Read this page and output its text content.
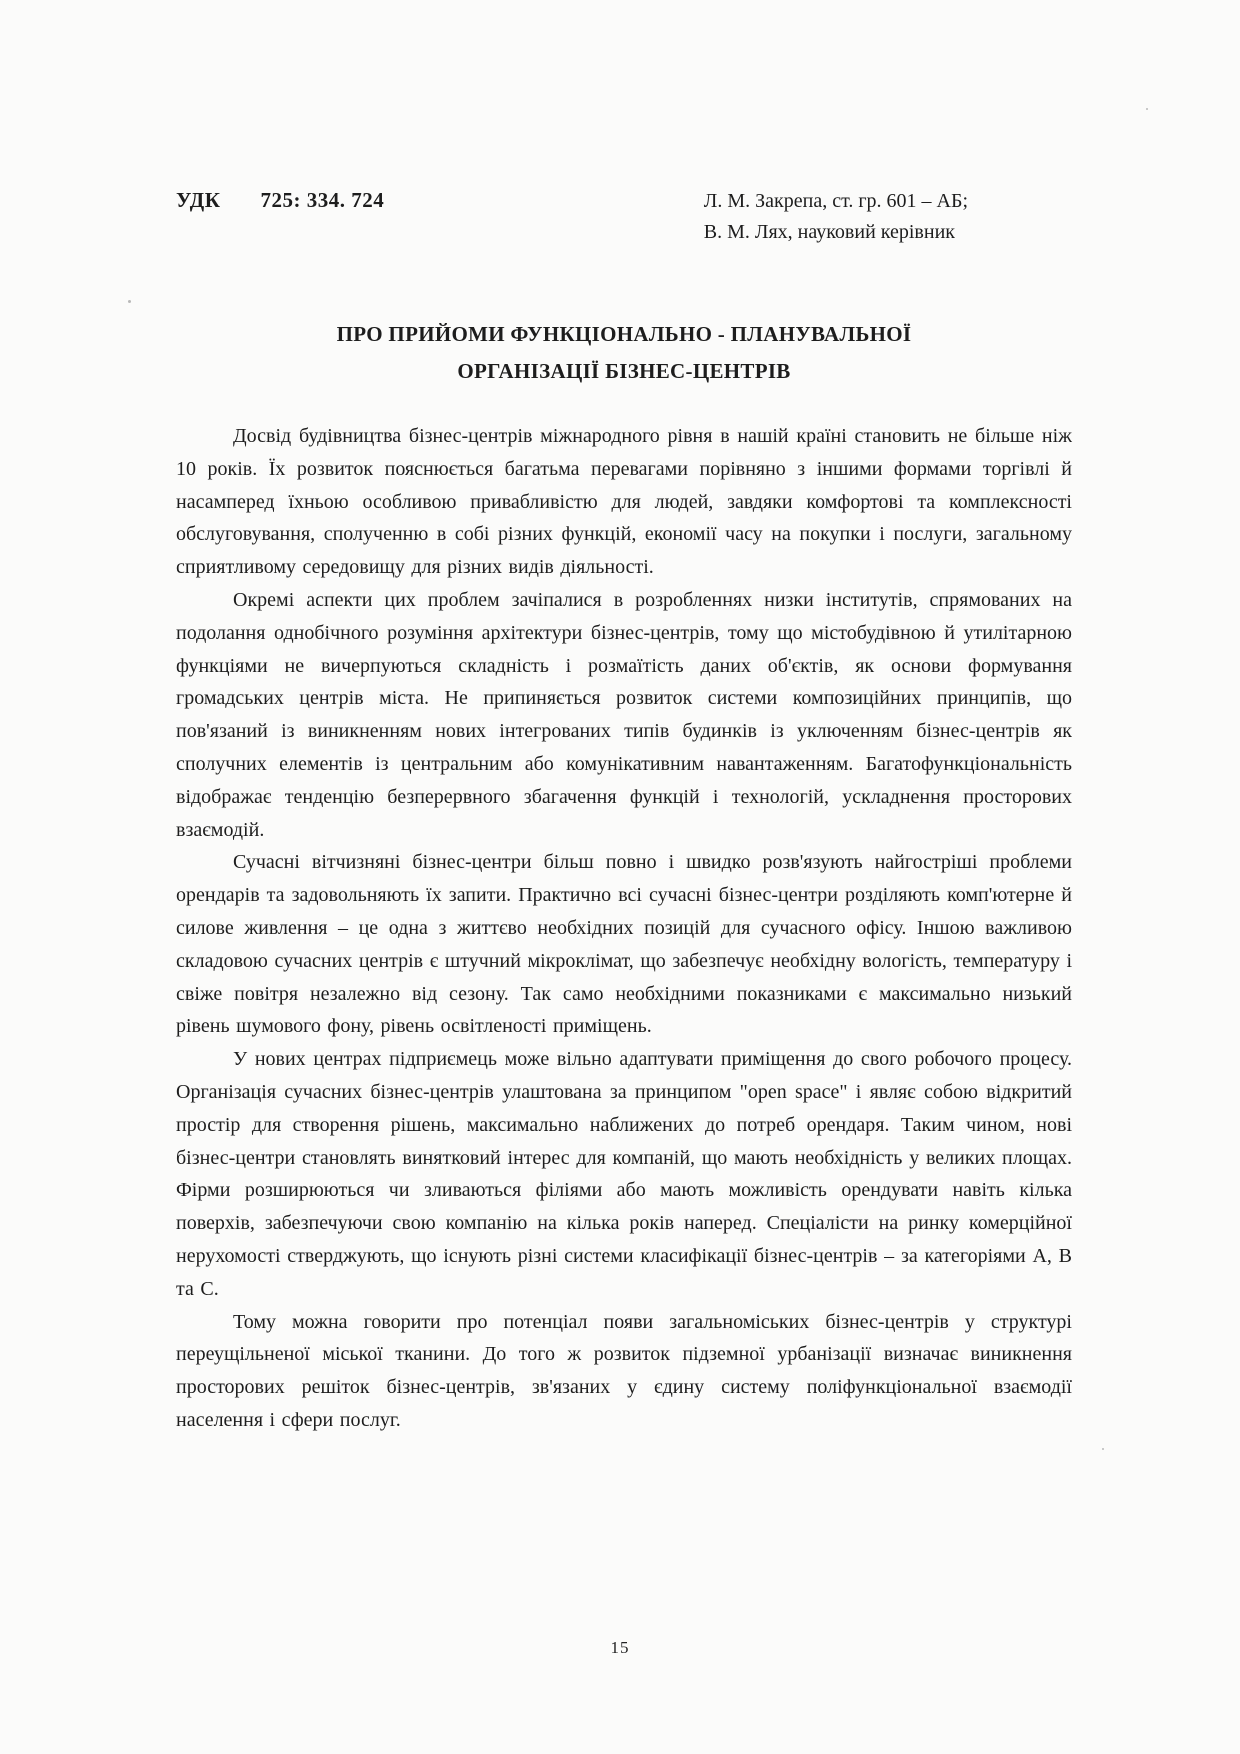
УДК 725: 334. 724	Л. М. Закрепа, ст. гр. 601 – АБ;
В. М. Лях, науковий керівник
ПРО ПРИЙОМИ ФУНКЦІОНАЛЬНО - ПЛАНУВАЛЬНОЇ
ОРГАНІЗАЦІЇ БІЗНЕС-ЦЕНТРІВ

Досвід будівництва бізнес-центрів міжнародного рівня в нашій країні становить не більше ніж 10 років. Їх розвиток пояснюється багатьма перевагами порівняно з іншими формами торгівлі й насамперед їхньою особливою привабливістю для людей, завдяки комфортові та комплексності обслуговування, сполученню в собі різних функцій, економії часу на покупки і послуги, загальному сприятливому середовищу для різних видів діяльності.

Окремі аспекти цих проблем зачіпалися в розробленнях низки інститутів, спрямованих на подолання однобічного розуміння архітектури бізнес-центрів, тому що містобудівною й утилітарною функціями не вичерпуються складність і розмаїтість даних об'єктів, як основи формування громадських центрів міста. Не припиняється розвиток системи композиційних принципів, що пов'язаний із виникненням нових інтегрованих типів будинків із уключенням бізнес-центрів як сполучних елементів із центральним або комунікативним навантаженням. Багатофункціональність відображає тенденцію безперервного збагачення функцій і технологій, ускладнення просторових взаємодій.

Сучасні вітчизняні бізнес-центри більш повно і швидко розв'язують найгостріші проблеми орендарів та задовольняють їх запити. Практично всі сучасні бізнес-центри розділяють комп'ютерне й силове живлення – це одна з життєво необхідних позицій для сучасного офісу. Іншою важливою складовою сучасних центрів є штучний мікроклімат, що забезпечує необхідну вологість, температуру і свіже повітря незалежно від сезону. Так само необхідними показниками є максимально низький рівень шумового фону, рівень освітленості приміщень.

У нових центрах підприємець може вільно адаптувати приміщення до свого робочого процесу. Організація сучасних бізнес-центрів улаштована за принципом "open space" і являє собою відкритий простір для створення рішень, максимально наближених до потреб орендаря. Таким чином, нові бізнес-центри становлять винятковий інтерес для компаній, що мають необхідність у великих площах. Фірми розширюються чи зливаються філіями або мають можливість орендувати навіть кілька поверхів, забезпечуючи свою компанію на кілька років наперед. Спеціалісти на ринку комерційної нерухомості стверджують, що існують різні системи класифікації бізнес-центрів – за категоріями А, В та С.

Тому можна говорити про потенціал появи загальноміських бізнес-центрів у структурі переущільненої міської тканини. До того ж розвиток підземної урбанізації визначає виникнення просторових решіток бізнес-центрів, зв'язаних у єдину систему поліфункціональної взаємодії населення і сфери послуг.

15
